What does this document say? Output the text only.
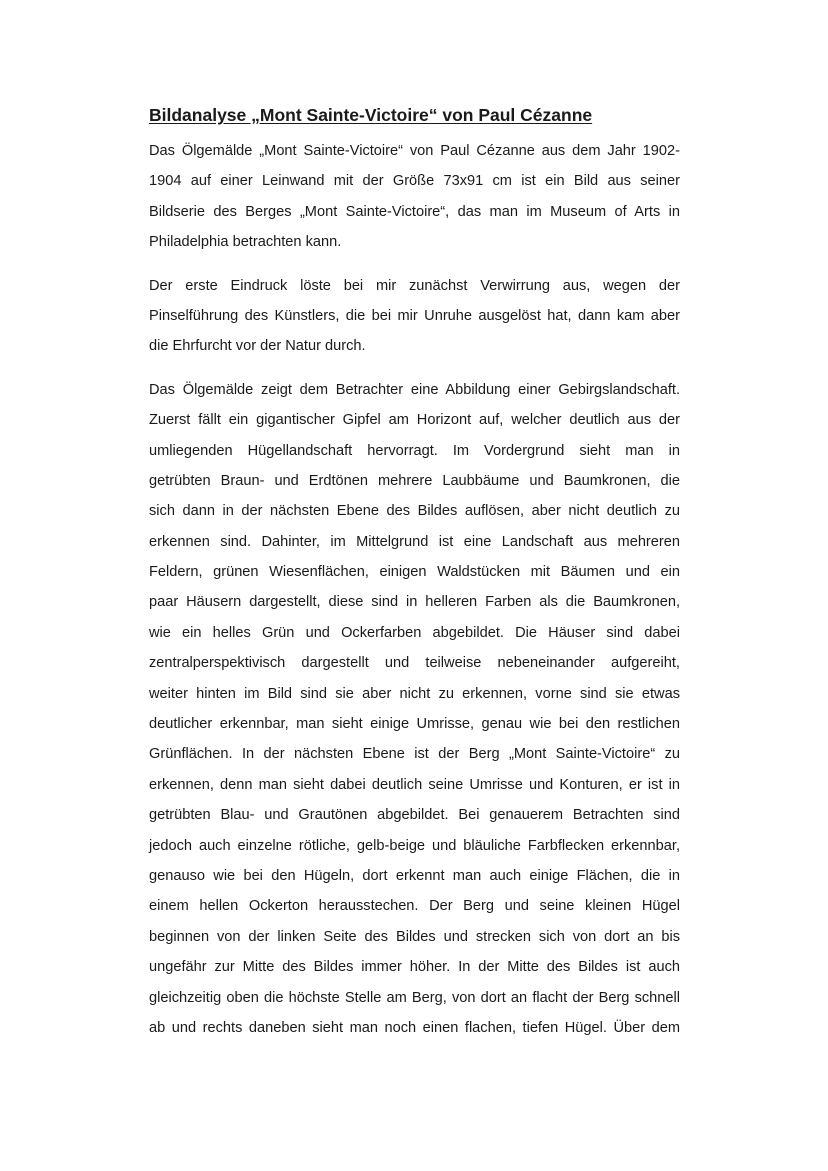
Bildanalyse „Mont Sainte-Victoire“ von Paul Cézanne

Das Ölgemälde „Mont Sainte-Victoire“ von Paul Cézanne aus dem Jahr 1902-
1904 auf einer Leinwand mit der Größe 73x91 cm ist ein Bild aus seiner
Bildserie des Berges „Mont Sainte-Victoire“, das man im Museum of Arts in
Philadelphia betrachten kann.

Der erste Eindruck löste bei mir zunächst Verwirrung aus, wegen der
Pinselführung des Künstlers, die bei mir Unruhe ausgelöst hat, dann kam aber
die Ehrfurcht vor der Natur durch.

Das Ölgemälde zeigt dem Betrachter eine Abbildung einer Gebirgslandschaft.
Zuerst fällt ein gigantischer Gipfel am Horizont auf, welcher deutlich aus der
umliegenden Hügellandschaft hervorragt. Im Vordergrund sieht man in
getrübten Braun- und Erdtönen mehrere Laubbäume und Baumkronen, die
sich dann in der nächsten Ebene des Bildes auflösen, aber nicht deutlich zu
erkennen sind. Dahinter, im Mittelgrund ist eine Landschaft aus mehreren
Feldern, grünen Wiesenflächen, einigen Waldstücken mit Bäumen und ein
paar Häusern dargestellt, diese sind in helleren Farben als die Baumkronen,
wie ein helles Grün und Ockerfarben abgebildet. Die Häuser sind dabei
zentralperspektivisch dargestellt und teilweise nebeneinander aufgereiht,
weiter hinten im Bild sind sie aber nicht zu erkennen, vorne sind sie etwas
deutlicher erkennbar, man sieht einige Umrisse, genau wie bei den restlichen
Grünflächen. In der nächsten Ebene ist der Berg „Mont Sainte-Victoire“ zu
erkennen, denn man sieht dabei deutlich seine Umrisse und Konturen, er ist in
getrübten Blau- und Grautönen abgebildet. Bei genauerem Betrachten sind
jedoch auch einzelne rötliche, gelb-beige und bläuliche Farbflecken erkennbar,
genauso wie bei den Hügeln, dort erkennt man auch einige Flächen, die in
einem hellen Ockerton herausstechen. Der Berg und seine kleinen Hügel
beginnen von der linken Seite des Bildes und strecken sich von dort an bis
ungefähr zur Mitte des Bildes immer höher. In der Mitte des Bildes ist auch
gleichzeitig oben die höchste Stelle am Berg, von dort an flacht der Berg schnell
ab und rechts daneben sieht man noch einen flachen, tiefen Hügel. Über dem
